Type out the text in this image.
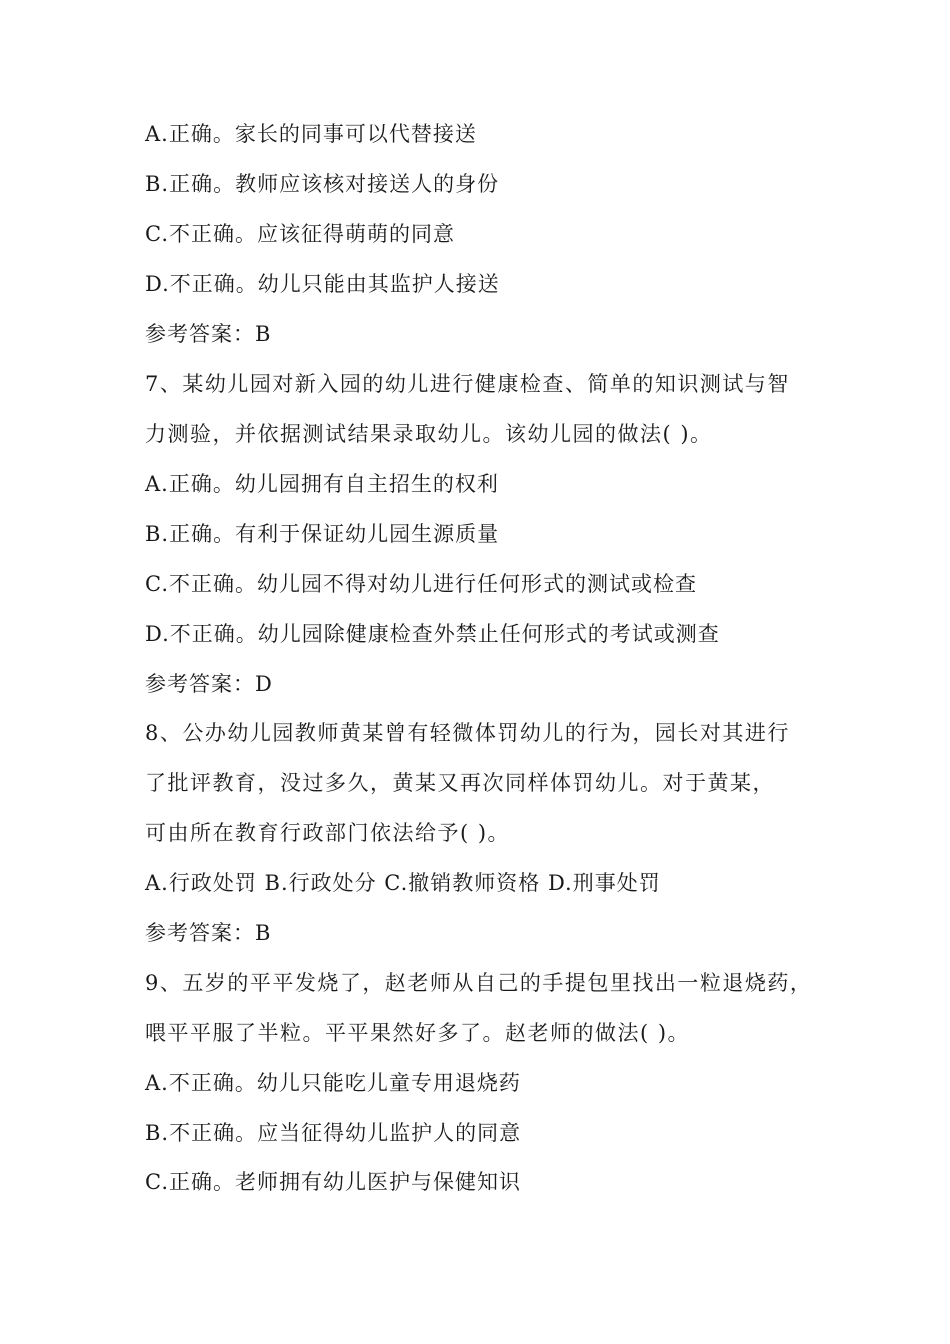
A.正确。家长的同事可以代替接送
B.正确。教师应该核对接送人的身份
C.不正确。应该征得萌萌的同意
D.不正确。幼儿只能由其监护人接送
参考答案：B
7、某幼儿园对新入园的幼儿进行健康检查、简单的知识测试与智
力测验，并依据测试结果录取幼儿。该幼儿园的做法( )。
A.正确。幼儿园拥有自主招生的权利
B.正确。有利于保证幼儿园生源质量
C.不正确。幼儿园不得对幼儿进行任何形式的测试或检查
D.不正确。幼儿园除健康检查外禁止任何形式的考试或测查
参考答案：D
8、公办幼儿园教师黄某曾有轻微体罚幼儿的行为，园长对其进行
了批评教育，没过多久，黄某又再次同样体罚幼儿。对于黄某，
可由所在教育行政部门依法给予( )。
A.行政处罚 B.行政处分 C.撤销教师资格 D.刑事处罚
参考答案：B
9、五岁的平平发烧了，赵老师从自己的手提包里找出一粒退烧药，
喂平平服了半粒。平平果然好多了。赵老师的做法( )。
A.不正确。幼儿只能吃儿童专用退烧药
B.不正确。应当征得幼儿监护人的同意
C.正确。老师拥有幼儿医护与保健知识
